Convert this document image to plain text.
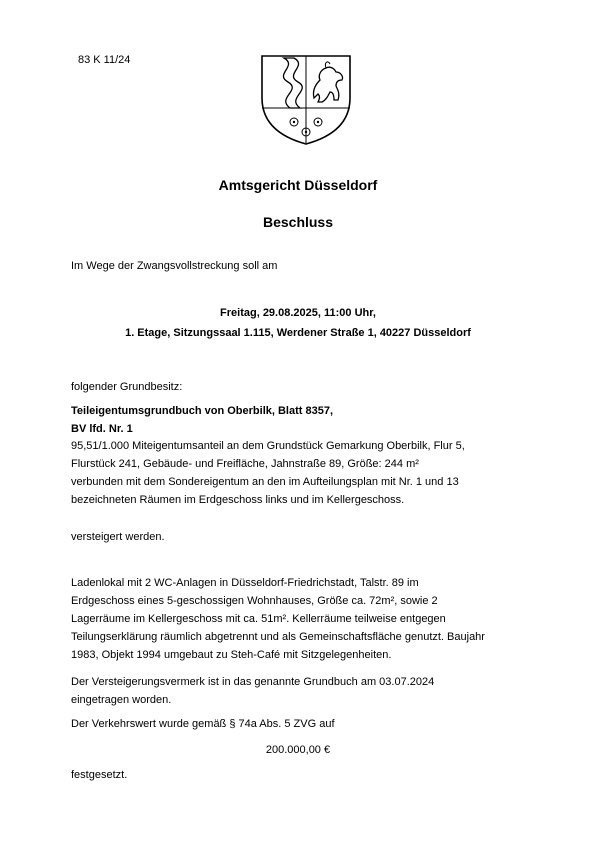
83 K 11/24
Amtsgericht Düsseldorf
Beschluss
Im Wege der Zwangsvollstreckung soll am
Freitag, 29.08.2025, 11:00 Uhr,
1. Etage, Sitzungssaal 1.115, Werdener Straße 1, 40227 Düsseldorf
folgender Grundbesitz:
Teileigentumsgrundbuch von Oberbilk, Blatt 8357,
BV lfd. Nr. 1
95,51/1.000 Miteigentumsanteil an dem Grundstück Gemarkung Oberbilk, Flur 5,
Flurstück 241, Gebäude- und Freifläche, Jahnstraße 89, Größe: 244 m²
verbunden mit dem Sondereigentum an den im Aufteilungsplan mit Nr. 1 und 13
bezeichneten Räumen im Erdgeschoss links und im Kellergeschoss.
versteigert werden.
Ladenlokal mit 2 WC-Anlagen in Düsseldorf-Friedrichstadt, Talstr. 89 im
Erdgeschoss eines 5-geschossigen Wohnhauses, Größe ca. 72m², sowie 2
Lagerräume im Kellergeschoss mit ca. 51m². Kellerräume teilweise entgegen
Teilungserklärung räumlich abgetrennt und als Gemeinschaftsfläche genutzt. Baujahr
1983, Objekt 1994 umgebaut zu Steh-Café mit Sitzgelegenheiten.
Der Versteigerungsvermerk ist in das genannte Grundbuch am 03.07.2024
eingetragen worden.
Der Verkehrswert wurde gemäß § 74a Abs. 5 ZVG auf
200.000,00 €
festgesetzt.
